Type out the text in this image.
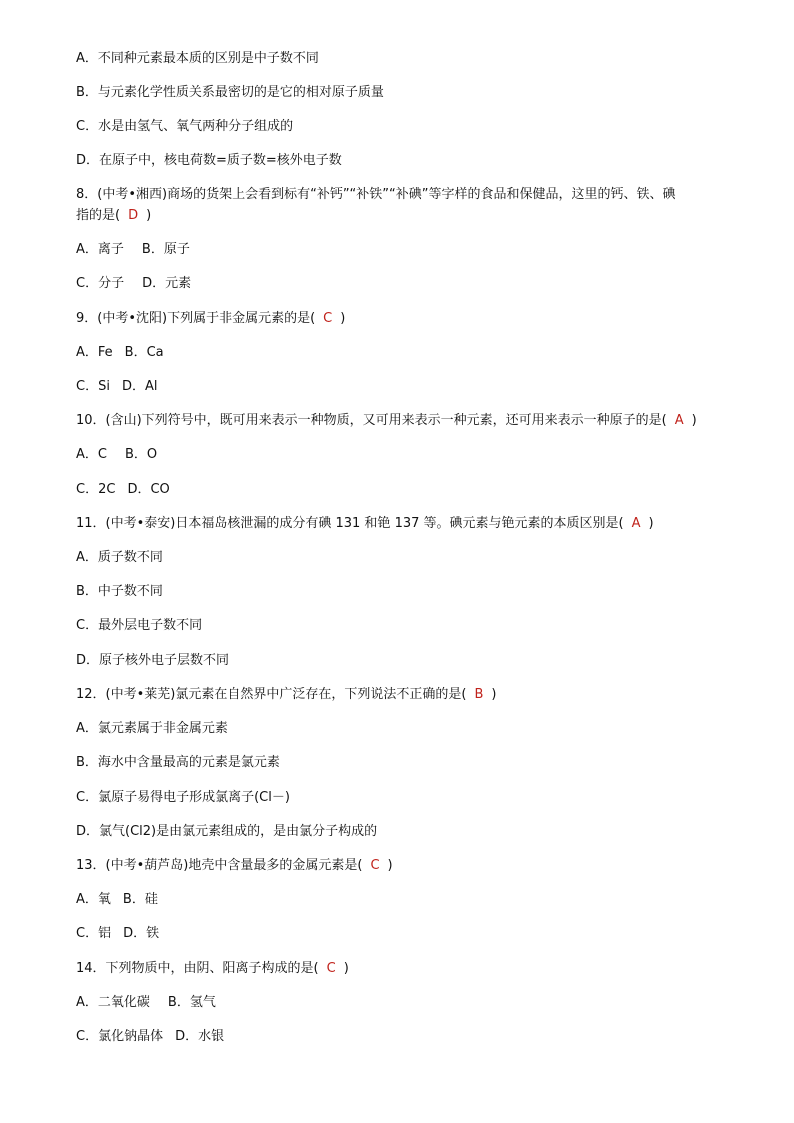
A．不同种元素最本质的区别是中子数不同
B．与元素化学性质关系最密切的是它的相对原子质量
C．水是由氢气、氧气两种分子组成的
D．在原子中，核电荷数=质子数=核外电子数
8．(中考•湘西)商场的货架上会看到标有“补钙”“补铁”“补碘”等字样的食品和保健品，这里的钙、铁、碘
指的是( D )
A．离子 B．原子
C．分子 D．元素
9．(中考•沈阳)下列属于非金属元素的是( C )
A．Fe B．Ca
C．Si D．Al
10．(含山)下列符号中，既可用来表示一种物质，又可用来表示一种元素，还可用来表示一种原子的是( A )
A．C B．O
C．2C D．CO
11．(中考•泰安)日本福岛核泄漏的成分有碘 131 和铯 137 等。碘元素与铯元素的本质区别是( A )
A．质子数不同
B．中子数不同
C．最外层电子数不同
D．原子核外电子层数不同
12．(中考•莱芜)氯元素在自然界中广泛存在，下列说法不正确的是( B )
A．氯元素属于非金属元素
B．海水中含量最高的元素是氯元素
C．氯原子易得电子形成氯离子(Cl－)
D．氯气(Cl2)是由氯元素组成的，是由氯分子构成的
13．(中考•葫芦岛)地壳中含量最多的金属元素是( C )
A．氧 B．硅
C．铝 D．铁
14．下列物质中，由阴、阳离子构成的是( C )
A．二氧化碳 B．氢气
C．氯化钠晶体 D．水银
